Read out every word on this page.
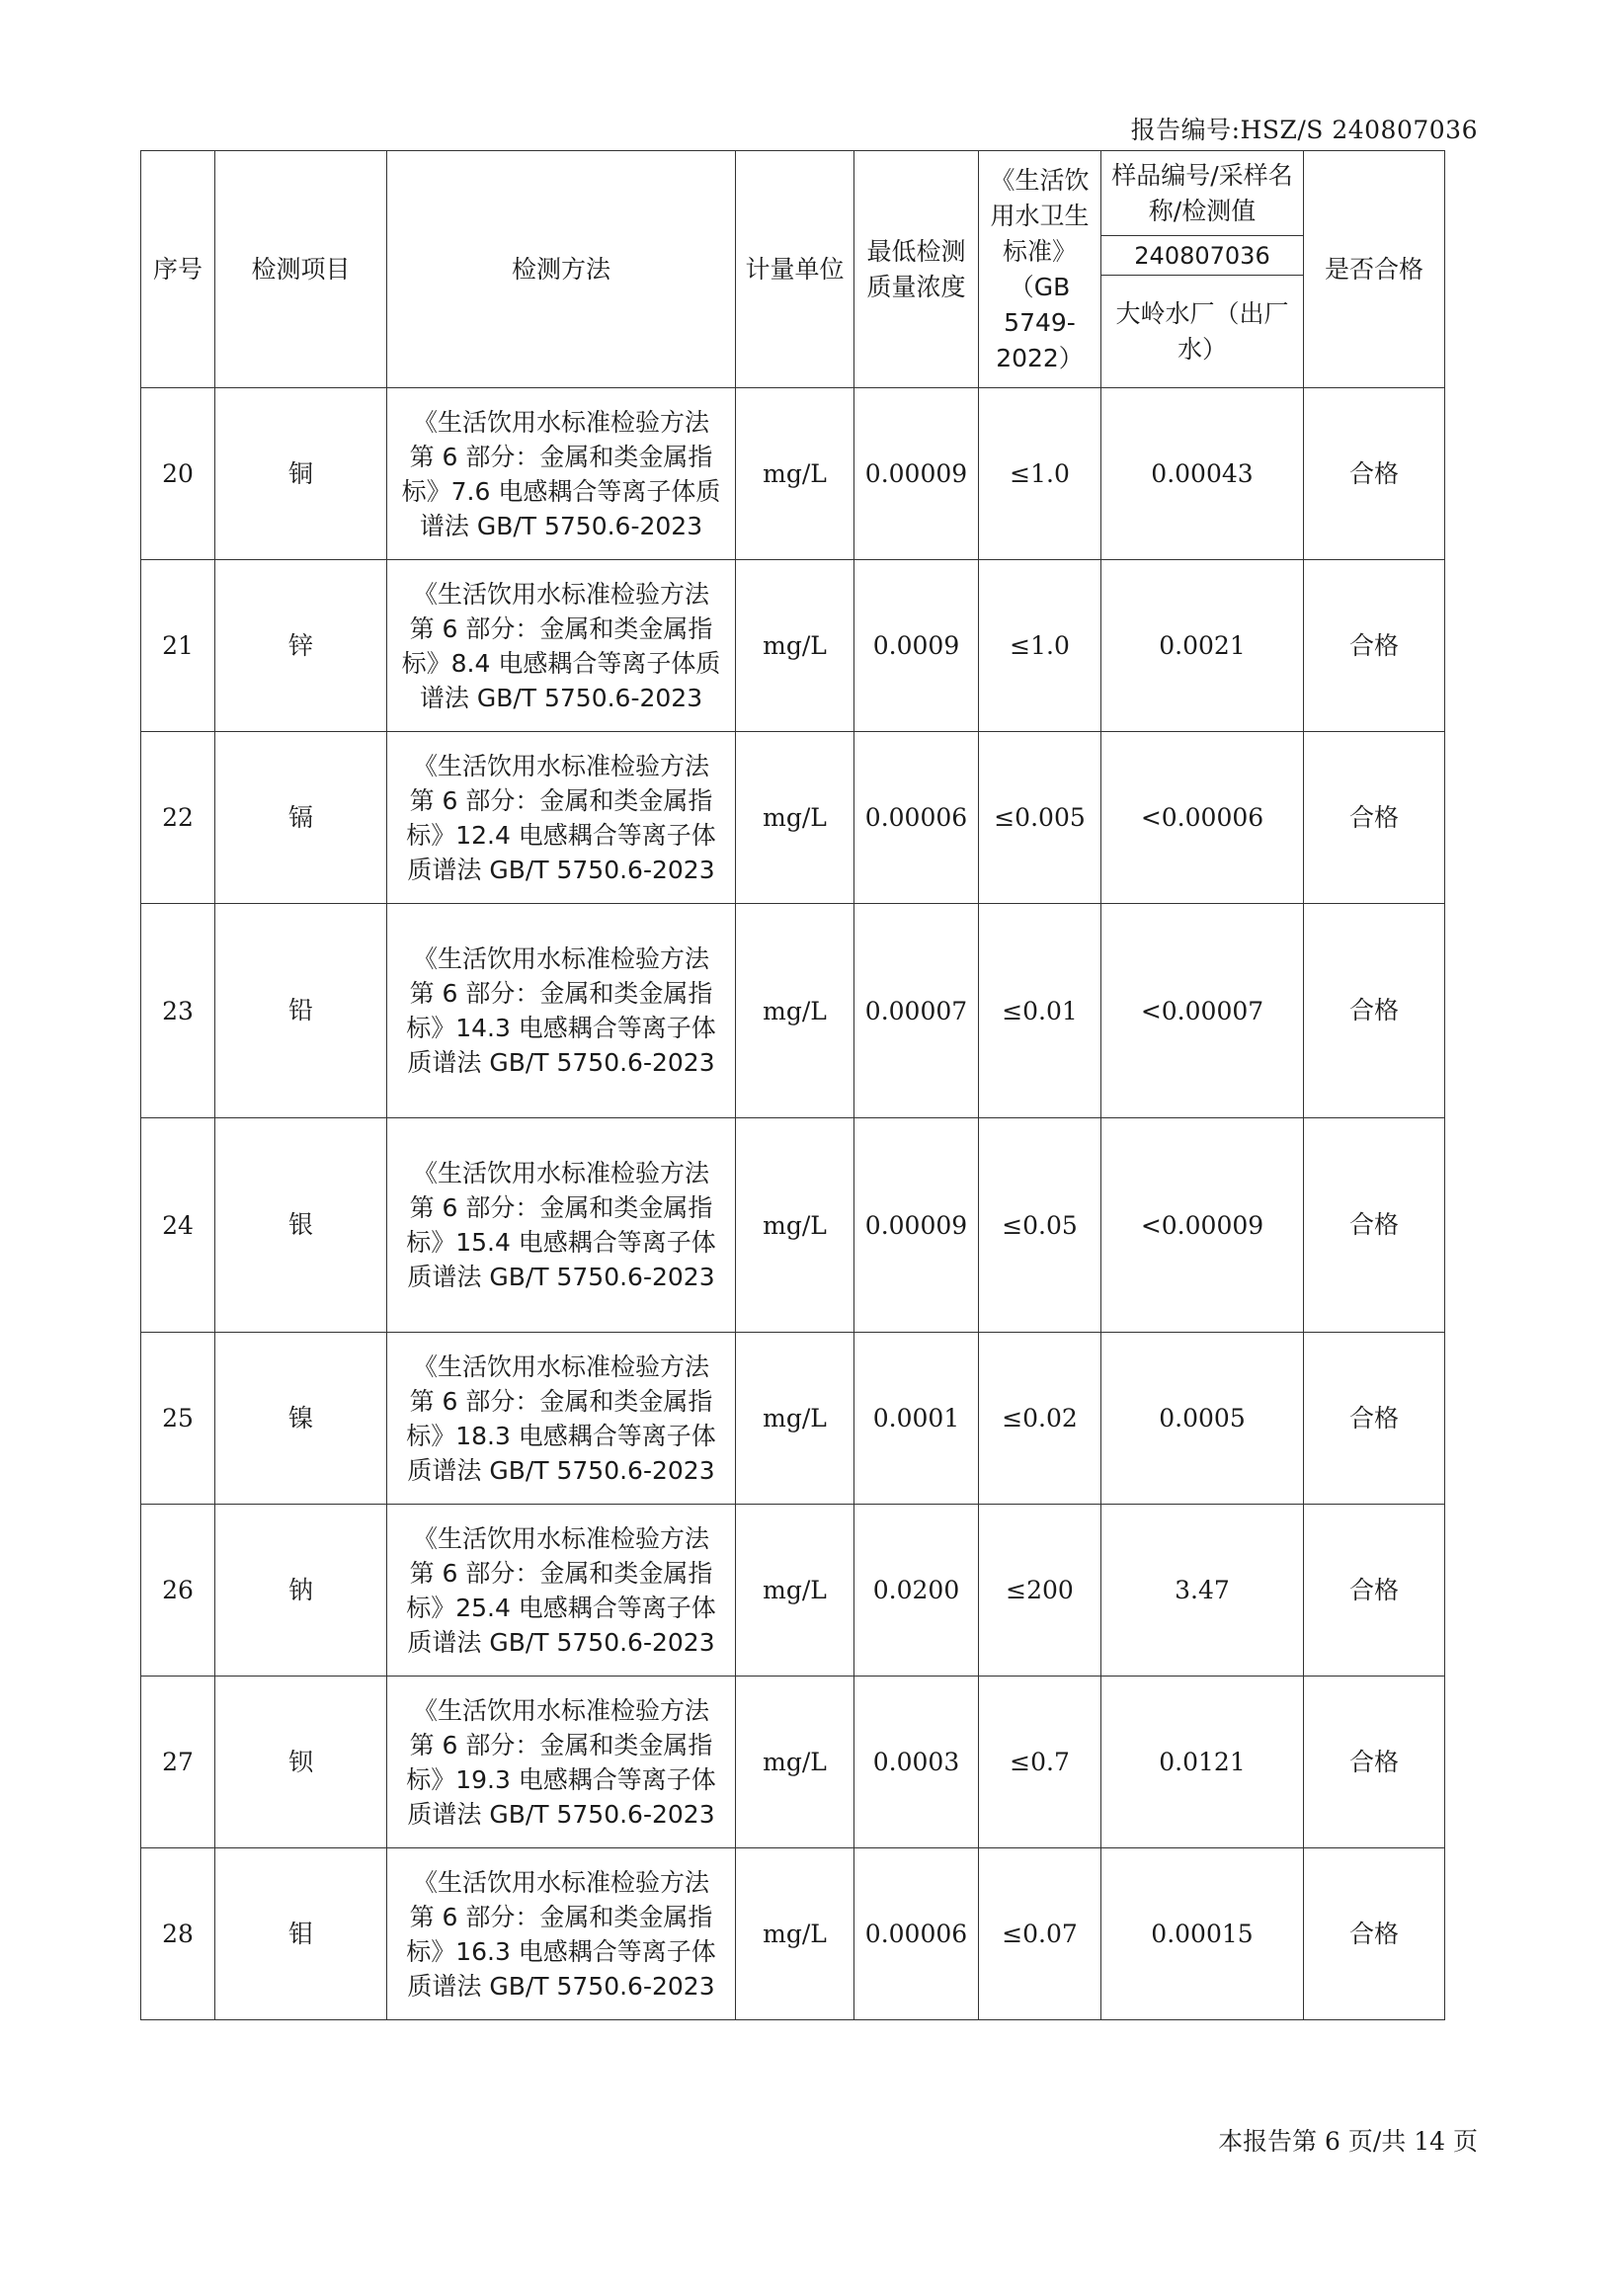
报告编号:HSZ/S 240807036
序号	检测项目	检测方法	计量单位	最低检测质量浓度	《生活饮用水卫生标准》（GB 5749-2022）	样品编号/采样名称/检测值	是否合格
						240807036	
						大岭水厂（出厂水）	
20	铜	《生活饮用水标准检验方法 第 6 部分：金属和类金属指标》7.6 电感耦合等离子体质谱法 GB/T 5750.6-2023	mg/L	0.00009	≤1.0	0.00043	合格
21	锌	《生活饮用水标准检验方法 第 6 部分：金属和类金属指标》8.4 电感耦合等离子体质谱法 GB/T 5750.6-2023	mg/L	0.0009	≤1.0	0.0021	合格
22	镉	《生活饮用水标准检验方法 第 6 部分：金属和类金属指标》12.4 电感耦合等离子体质谱法 GB/T 5750.6-2023	mg/L	0.00006	≤0.005	<0.00006	合格
23	铅	《生活饮用水标准检验方法 第 6 部分：金属和类金属指标》14.3 电感耦合等离子体质谱法 GB/T 5750.6-2023	mg/L	0.00007	≤0.01	<0.00007	合格
24	银	《生活饮用水标准检验方法 第 6 部分：金属和类金属指标》15.4 电感耦合等离子体质谱法 GB/T 5750.6-2023	mg/L	0.00009	≤0.05	<0.00009	合格
25	镍	《生活饮用水标准检验方法 第 6 部分：金属和类金属指标》18.3 电感耦合等离子体质谱法 GB/T 5750.6-2023	mg/L	0.0001	≤0.02	0.0005	合格
26	钠	《生活饮用水标准检验方法 第 6 部分：金属和类金属指标》25.4 电感耦合等离子体质谱法 GB/T 5750.6-2023	mg/L	0.0200	≤200	3.47	合格
27	钡	《生活饮用水标准检验方法 第 6 部分：金属和类金属指标》19.3 电感耦合等离子体质谱法 GB/T 5750.6-2023	mg/L	0.0003	≤0.7	0.0121	合格
28	钼	《生活饮用水标准检验方法 第 6 部分：金属和类金属指标》16.3 电感耦合等离子体质谱法 GB/T 5750.6-2023	mg/L	0.00006	≤0.07	0.00015	合格
本报告第 6 页/共 14 页
